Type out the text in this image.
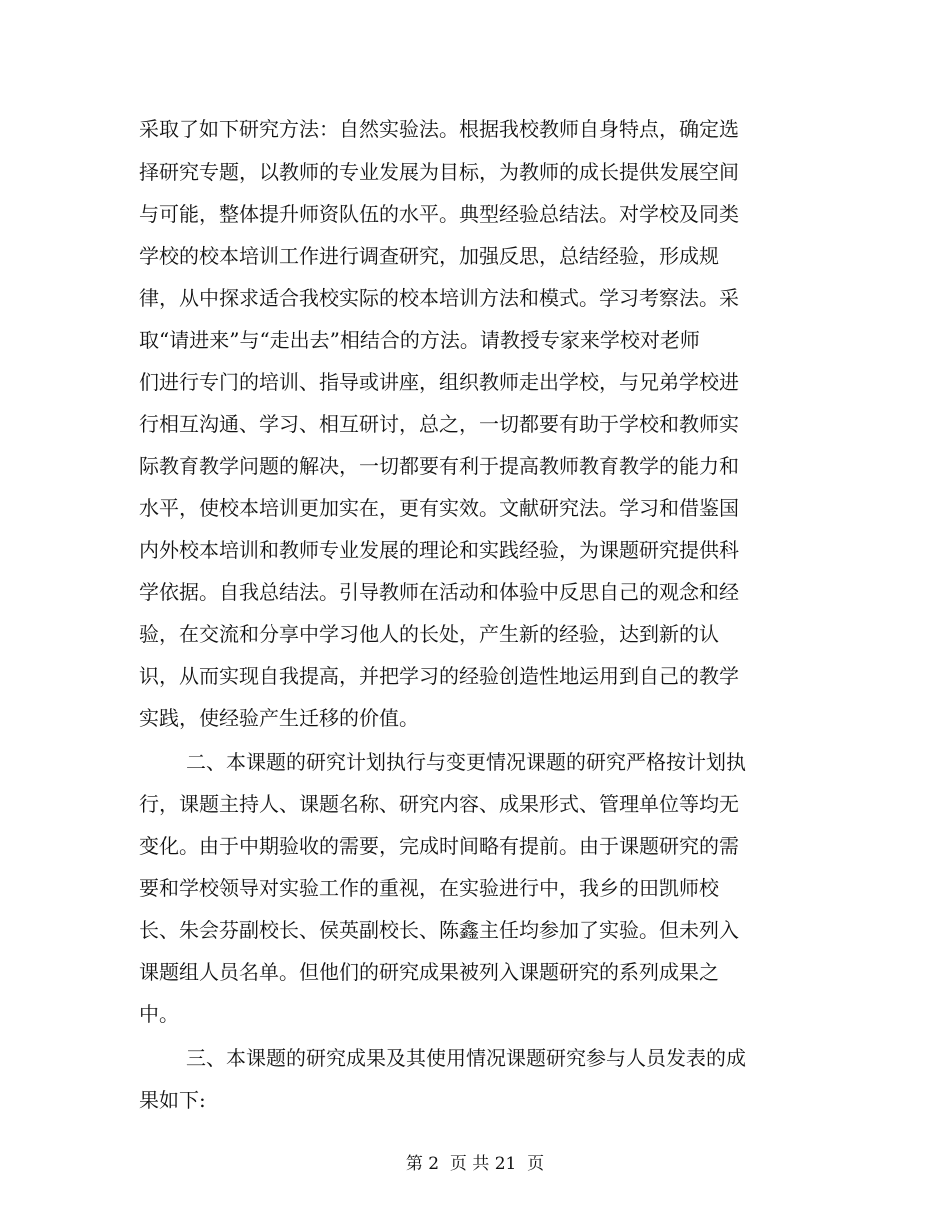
采取了如下研究方法：自然实验法。根据我校教师自身特点，确定选
择研究专题，以教师的专业发展为目标，为教师的成长提供发展空间
与可能，整体提升师资队伍的水平。典型经验总结法。对学校及同类
学校的校本培训工作进行调查研究，加强反思，总结经验，形成规
律，从中探求适合我校实际的校本培训方法和模式。学习考察法。采
取“请进来”与“走出去”相结合的方法。请教授专家来学校对老师
们进行专门的培训、指导或讲座，组织教师走出学校，与兄弟学校进
行相互沟通、学习、相互研讨，总之，一切都要有助于学校和教师实
际教育教学问题的解决，一切都要有利于提高教师教育教学的能力和
水平，使校本培训更加实在，更有实效。文献研究法。学习和借鉴国
内外校本培训和教师专业发展的理论和实践经验，为课题研究提供科
学依据。自我总结法。引导教师在活动和体验中反思自己的观念和经
验，在交流和分享中学习他人的长处，产生新的经验，达到新的认
识，从而实现自我提高，并把学习的经验创造性地运用到自己的教学
实践，使经验产生迁移的价值。
　二、本课题的研究计划执行与变更情况课题的研究严格按计划执
行，课题主持人、课题名称、研究内容、成果形式、管理单位等均无
变化。由于中期验收的需要，完成时间略有提前。由于课题研究的需
要和学校领导对实验工作的重视，在实验进行中，我乡的田凯师校
长、朱会芬副校长、侯英副校长、陈鑫主任均参加了实验。但未列入
课题组人员名单。但他们的研究成果被列入课题研究的系列成果之
中。
　三、本课题的研究成果及其使用情况课题研究参与人员发表的成
果如下:
第 2  页 共 21  页
